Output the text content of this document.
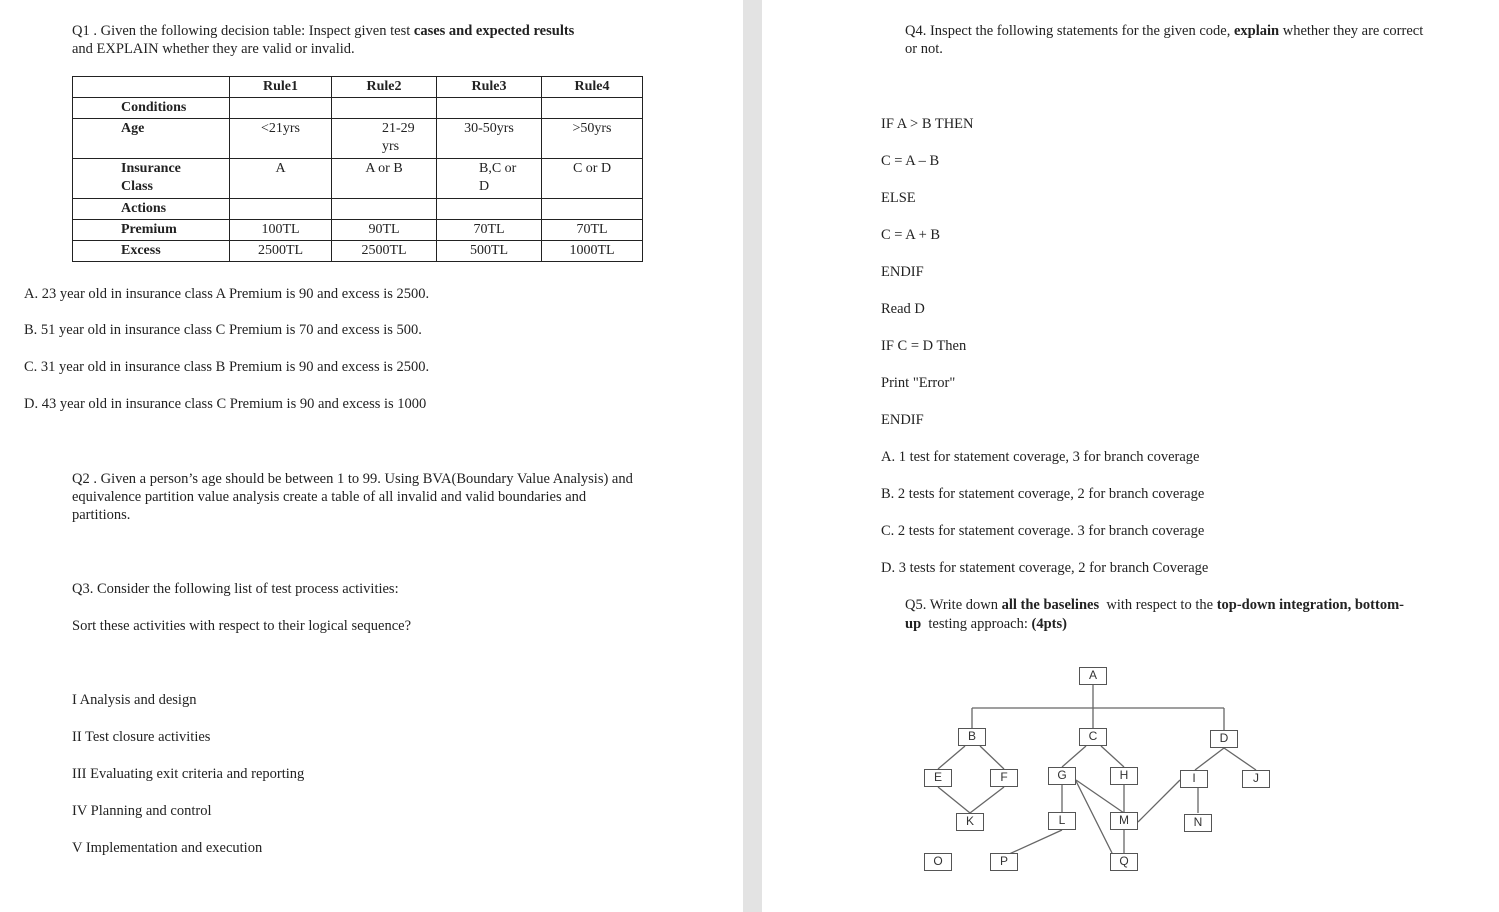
Q1 . Given the following decision table: Inspect given test cases and expected results
and EXPLAIN whether they are valid or invalid.
	Rule1	Rule2	Rule3	Rule4
Conditions				
Age	<21yrs	21-29yrs	30-50yrs	>50yrs

Insurance Class	A	A or B	B,C or D	C or D
Actions				
Premium	100TL	90TL	70TL	70TL
Excess	2500TL	2500TL	500TL	1000TL
A. 23 year old in insurance class A Premium is 90 and excess is 2500.
B. 51 year old in insurance class C Premium is 70 and excess is 500.
C. 31 year old in insurance class B Premium is 90 and excess is 2500.
D. 43 year old in insurance class C Premium is 90 and excess is 1000
Q2 . Given a person’s age should be between 1 to 99. Using BVA(Boundary Value Analysis) and equivalence partition value analysis create a table of all invalid and valid boundaries and partitions.
Q3. Consider the following list of test process activities:
Sort these activities with respect to their logical sequence?
I Analysis and design
II Test closure activities
III Evaluating exit criteria and reporting
IV Planning and control
V Implementation and execution
Q4. Inspect the following statements for the given code, explain whether they are correct
or not.
IF A > B THEN
C = A – B
ELSE
C = A + B
ENDIF
Read D
IF C = D Then
Print "Error"
ENDIF
A. 1 test for statement coverage, 3 for branch coverage
B. 2 tests for statement coverage, 2 for branch coverage
C. 2 tests for statement coverage. 3 for branch coverage
D. 3 tests for statement coverage, 2 for branch Coverage
Q5. Write down all the baselines  with respect to the top-down integration, bottom-
up  testing approach: (4pts)
A
B	C	D
E	F	G	H	I	J
K	L	M	N
O	P	Q
